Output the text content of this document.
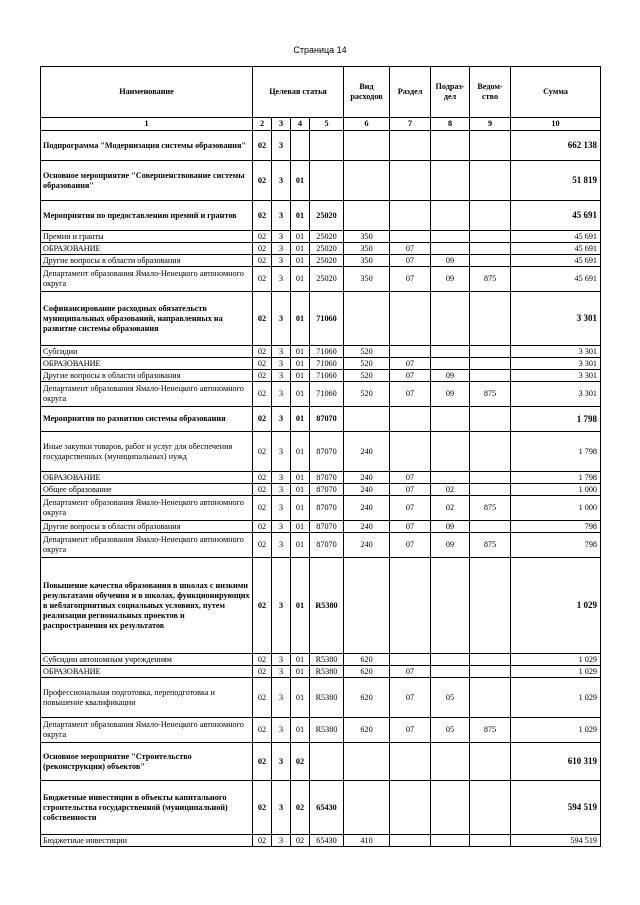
Страница 14
Наименование	Целевая статья				Вид расходов	Раздел	Подраз-дел	Ведом-ство	Сумма
1	2	3	4	5	6	7	8	9	10
Подпрограмма "Модернизация системы образования"	02	3							662 138
Основное мероприятие "Совершенствование системы образования"	02	3	01						51 819
Мероприятия по предоставлению премий и грантов	02	3	01	25020					45 691
Премии и гранты	02	3	01	25020	350				45 691
ОБРАЗОВАНИЕ	02	3	01	25020	350	07			45 691
Другие вопросы в области образования	02	3	01	25020	350	07	09		45 691
Департамент образования Ямало-Ненецкого автономного округа	02	3	01	25020	350	07	09	875	45 691
Софинансирование расходных обязательств муниципальных образований, направленных на развитие системы образования	02	3	01	71060					3 301
Субсидии	02	3	01	71060	520				3 301
ОБРАЗОВАНИЕ	02	3	01	71060	520	07			3 301
Другие вопросы в области образования	02	3	01	71060	520	07	09		3 301
Департамент образования Ямало-Ненецкого автономного округа	02	3	01	71060	520	07	09	875	3 301
Мероприятия по развитию системы образования	02	3	01	87070					1 798
Иные закупки товаров, работ и услуг для обеспечения государственных (муниципальных) нужд	02	3	01	87070	240				1 798
ОБРАЗОВАНИЕ	02	3	01	87070	240	07			1 798
Общее образование	02	3	01	87070	240	07	02		1 000
Департамент образования Ямало-Ненецкого автономного округа	02	3	01	87070	240	07	02	875	1 000
Другие вопросы в области образования	02	3	01	87070	240	07	09		798
Департамент образования Ямало-Ненецкого автономного округа	02	3	01	87070	240	07	09	875	798
Повышение качества образования в школах с низкими результатами обучения и в школах, функционирующих в неблагоприятных социальных условиях, путем реализации региональных проектов и распространения их результатов	02	3	01	R5380					1 029
Субсидии автономным учреждениям	02	3	01	R5380	620				1 029
ОБРАЗОВАНИЕ	02	3	01	R5380	620	07			1 029
Профессиональная подготовка, переподготовка и повышение квалификации	02	3	01	R5380	620	07	05		1 029
Департамент образования Ямало-Ненецкого автономного округа	02	3	01	R5380	620	07	05	875	1 029
Основное мероприятие "Строительство (реконструкция) объектов"	02	3	02						610 319
Бюджетные инвестиции в объекты капитального строительства государственной (муниципальной) собственности	02	3	02	65430					594 519
Бюджетные инвестиции	02	3	02	65430	410				594 519
